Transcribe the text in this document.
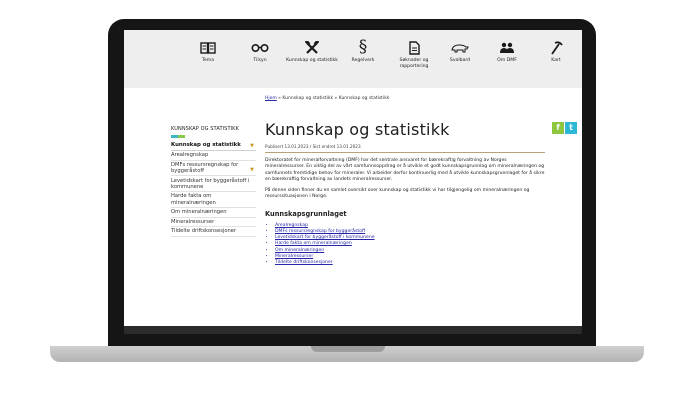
Tema	Tilsyn	Kunnskap og statistikk
§
Regelverk	Søknader og rapportering
Svalbard	Om DMF	Kart
Hjem » Kunnskap og statistikk » Kunnskap og statistikk
f t
KUNNSKAP OG STATISTIKK
Kunnskap og statistikk ▼
Arealregnskap
DMFs ressursregnskap for byggeråstoff	▼
Levetidskart for byggeråstoff i kommunene
Harde fakta om mineralnæringen
Om mineralnæringen
Mineralressurser
Tildelte driftskonsesjoner
Kunnskap og statistikk
Publisert 13.01.2023 / Sist endret 13.01.2023

Direktoratet for mineralforvaltning (DMF) har det sentrale ansvaret for bærekraftig forvaltning av Norges mineralressurser. En viktig del av vårt samfunnsoppdrag er å utvikle et godt kunnskapsgrunnlag om mineralnæringen og samfunnets fremtidige behov for mineraler. Vi arbeider derfor kontinuerlig med å utvikle kunnskapsgrunnlaget for å sikre en bærekraftig forvaltning av landets mineralressurser.

På denne siden finner du en samlet oversikt over kunnskap og statistikk vi har tilgjengelig om mineralnæringen og ressurssituasjonen i Norge.

Kunnskapsgrunnlaget
• Arealregnskap
• DMFs ressursregnskap for byggeråstoff
• Levetidskart for byggeråstoff i kommunene
• Harde fakta om mineralnæringen
• Om mineralnæringen
• Mineralressurser
• Tildelte driftskonsesjoner
